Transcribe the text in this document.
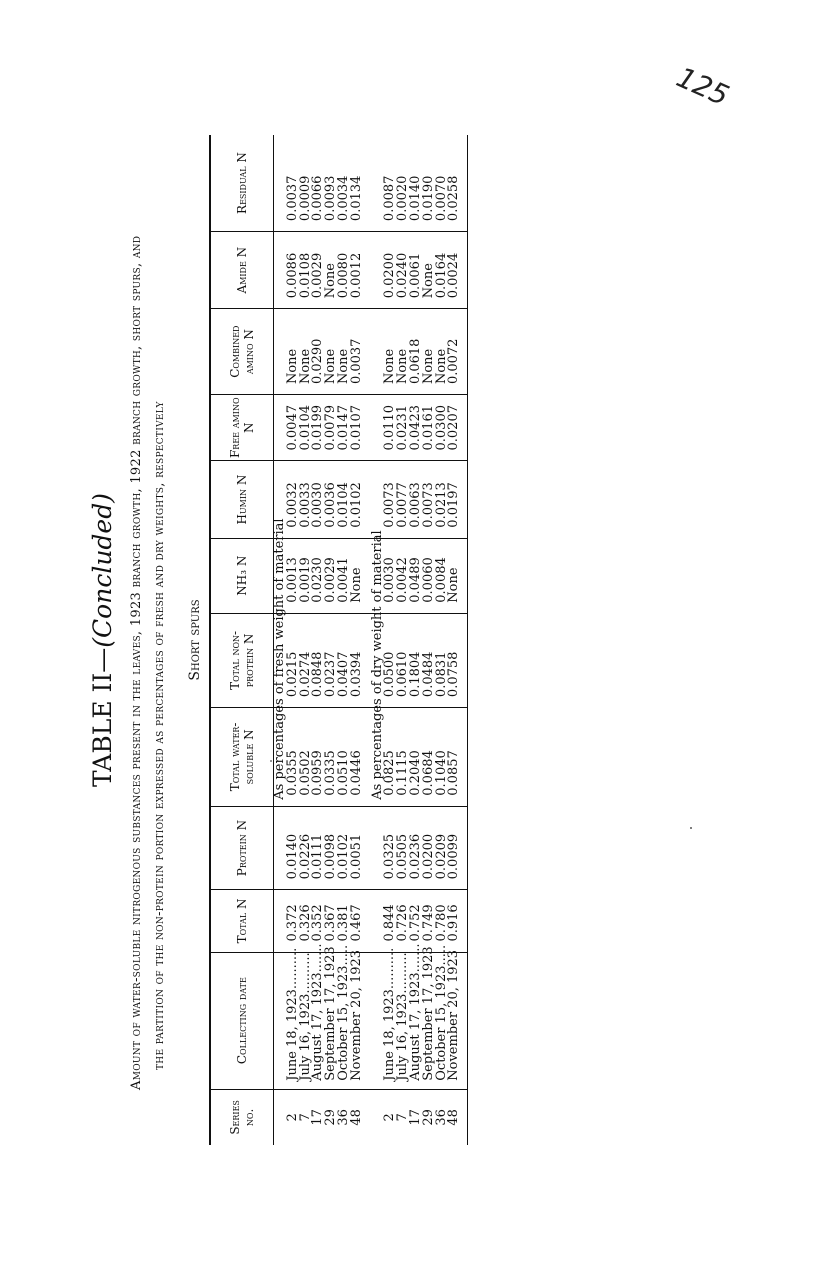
125
TABLE II—(Concluded) Amount of water-soluble nitrogenous substances present in the leaves, 1923 branch growth, 1922 branch growth, short spurs, and the partition of the non-protein portion expressed as percentages of fresh and dry weights, respectively Short spurs
Series no.	Collecting date	Total N	Protein N	Total water-soluble N	Total non-protein N	NH₃ N	Humin N	Free amino N	Combined amino N	Amide N	Residual N

				As percentages of fresh weight of material							

2	June 18, 1923..........	0.372	0.0140	0.0355	0.0215	0.0013	0.0032	0.0047	None	0.0086	0.0037
7	July 16, 1923..........	0.326	0.0226	0.0502	0.0274	0.0019	0.0033	0.0104	None	0.0108	0.0009
17	August 17, 1923.......	0.352	0.0111	0.0959	0.0848	0.0230	0.0030	0.0199	0.0290	0.0029	0.0066
29	September 17, 1923	0.367	0.0098	0.0335	0.0237	0.0029	0.0036	0.0079	None	None	0.0093
36	October 15, 1923.....	0.381	0.0102	0.0510	0.0407	0.0041	0.0104	0.0147	None	0.0080	0.0034
48	November 20, 1923	0.467	0.0051	0.0446	0.0394	None	0.0102	0.0107	0.0037	0.0012	0.0134

				As percentages of dry weight of material							

2	June 18, 1923..........	0.844	0.0325	0.0825	0.0500	0.0030	0.0073	0.0110	None	0.0200	0.0087
7	July 16, 1923..........	0.726	0.0505	0.1115	0.0610	0.0042	0.0077	0.0231	None	0.0240	0.0020
17	August 17, 1923.......	0.752	0.0236	0.2040	0.1804	0.0489	0.0063	0.0423	0.0618	0.0061	0.0140
29	September 17, 1923	0.749	0.0200	0.0684	0.0484	0.0060	0.0073	0.0161	None	None	0.0190
36	October 15, 1923.....	0.780	0.0209	0.1040	0.0831	0.0084	0.0213	0.0300	None	0.0164	0.0070
48	November 20, 1923	0.916	0.0099	0.0857	0.0758	None	0.0197	0.0207	0.0072	0.0024	0.0258
